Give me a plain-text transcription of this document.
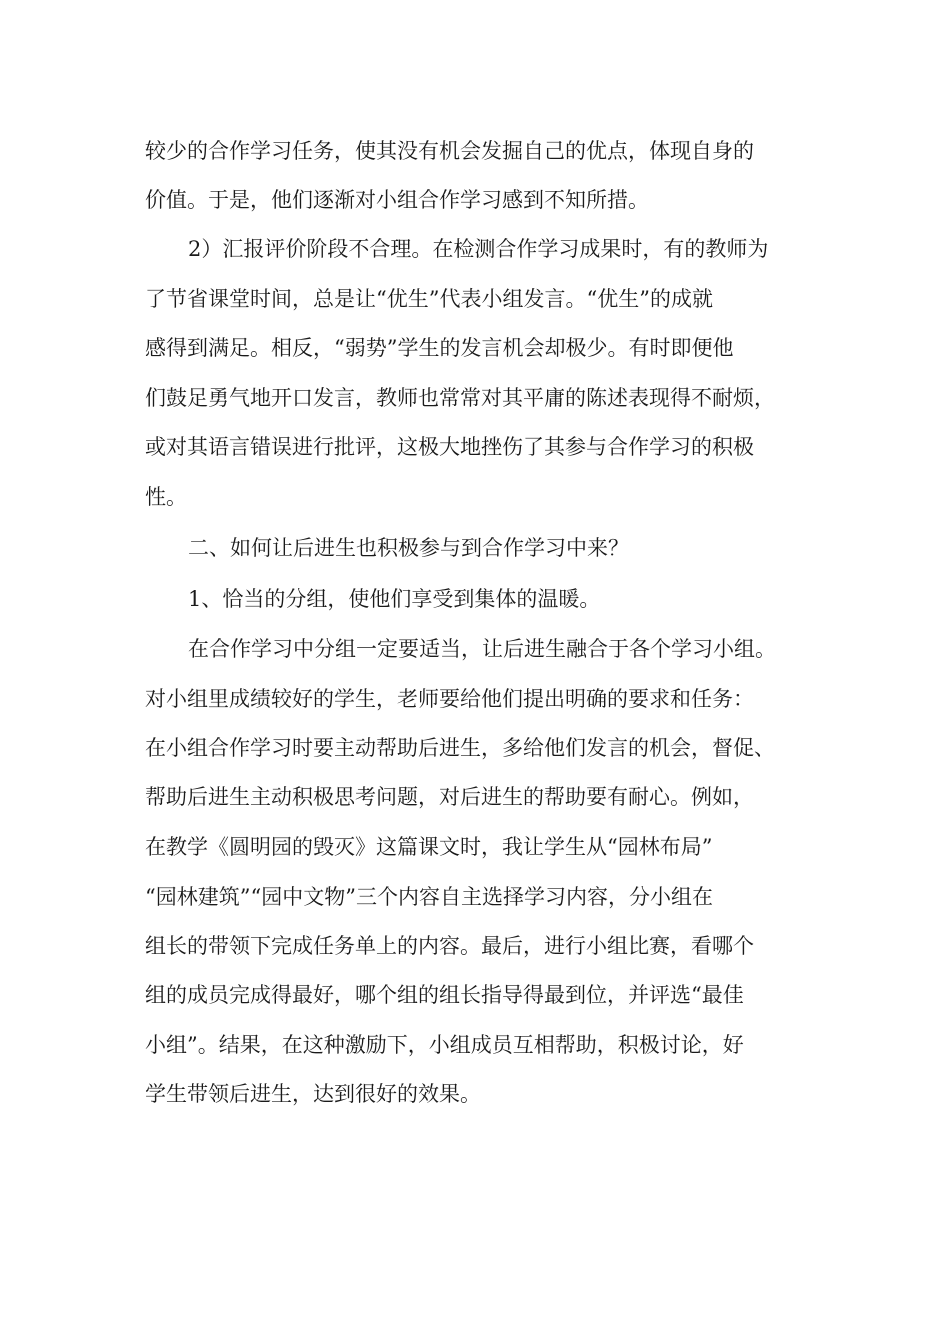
较少的合作学习任务，使其没有机会发掘自己的优点，体现自身的
价值。于是，他们逐渐对小组合作学习感到不知所措。
2）汇报评价阶段不合理。在检测合作学习成果时，有的教师为
了节省课堂时间，总是让“优生”代表小组发言。“优生”的成就
感得到满足。相反，“弱势”学生的发言机会却极少。有时即便他
们鼓足勇气地开口发言，教师也常常对其平庸的陈述表现得不耐烦，
或对其语言错误进行批评，这极大地挫伤了其参与合作学习的积极
性。
二、如何让后进生也积极参与到合作学习中来？
1、恰当的分组，使他们享受到集体的温暖。
在合作学习中分组一定要适当，让后进生融合于各个学习小组。
对小组里成绩较好的学生，老师要给他们提出明确的要求和任务：
在小组合作学习时要主动帮助后进生，多给他们发言的机会，督促、
帮助后进生主动积极思考问题，对后进生的帮助要有耐心。例如，
在教学《圆明园的毁灭》这篇课文时，我让学生从“园林布局”
“园林建筑”“园中文物”三个内容自主选择学习内容，分小组在
组长的带领下完成任务单上的内容。最后，进行小组比赛，看哪个
组的成员完成得最好，哪个组的组长指导得最到位，并评选“最佳
小组”。结果，在这种激励下，小组成员互相帮助，积极讨论，好
学生带领后进生，达到很好的效果。
